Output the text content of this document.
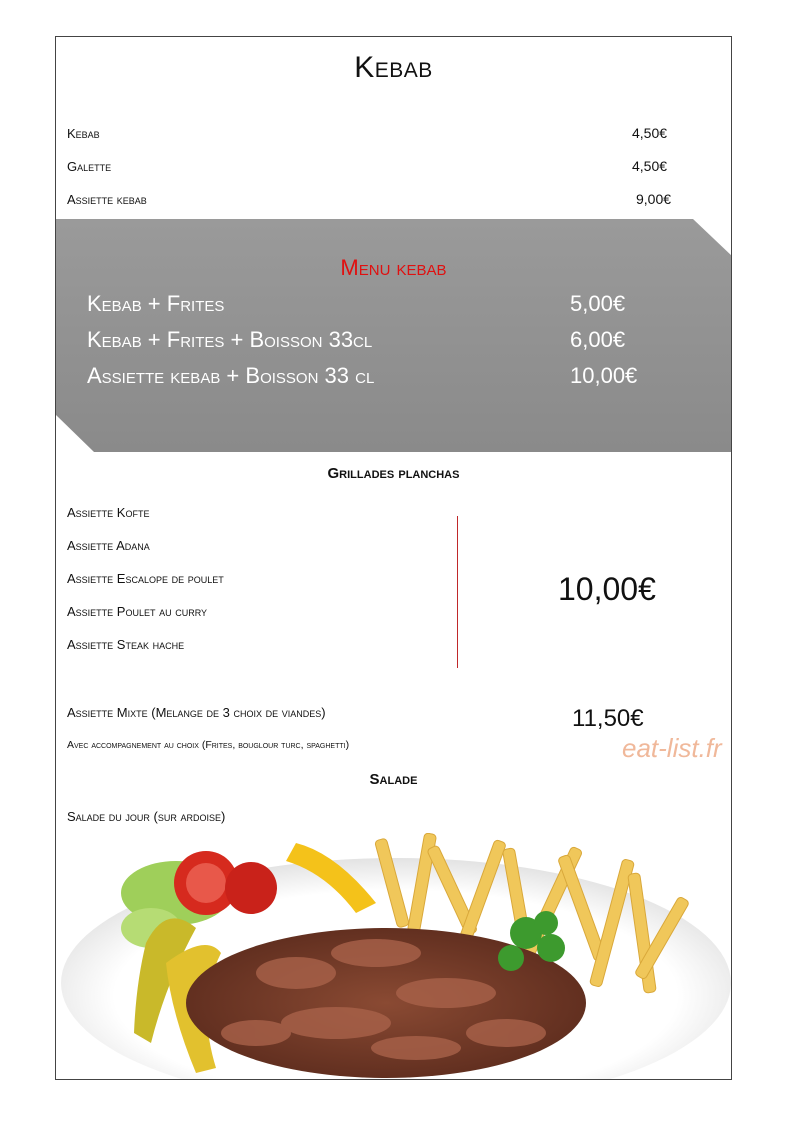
Kebab
Kebab	4,50€
Galette	4,50€
Assiette kebab	9,00€
Menu kebab
Kebab + Frites	5,00€
Kebab + Frites + Boisson 33cl	6,00€
Assiette kebab + Boisson 33 cl	10,00€
Grillades planchas
Assiette Kofte
Assiette Adana
Assiette Escalope de poulet
Assiette Poulet au curry
Assiette Steak hache
10,00€
Assiette Mixte (Melange de 3 choix de viandes)	11,50€
Avec accompagnement au choix (Frites, bouglour turc, spaghetti)	eat-list.fr
Salade
Salade du jour (sur ardoise)
